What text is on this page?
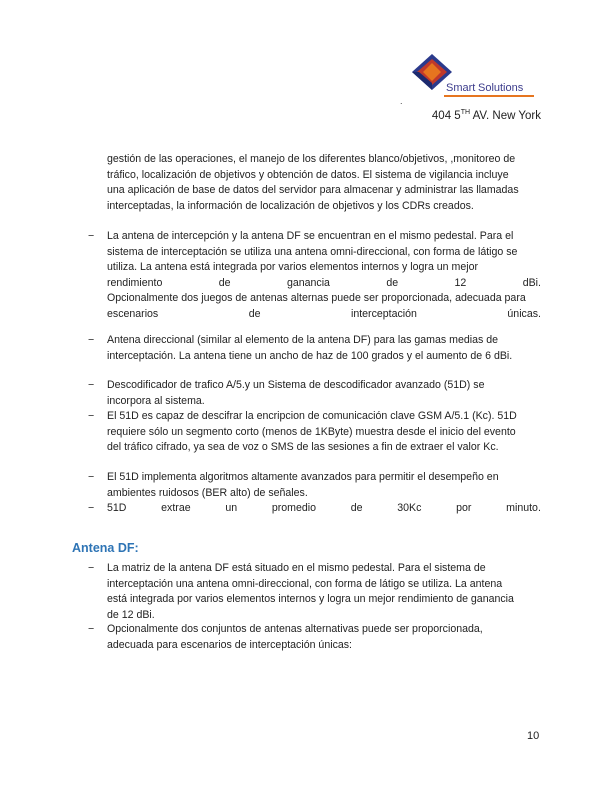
Smart Solutions
.
404 5TH AV. New York
gestión de las operaciones, el manejo de los diferentes blanco/objetivos, ,monitoreo de
tráfico, localización de objetivos y obtención de datos. El sistema de vigilancia incluye
una aplicación de base de datos del servidor para almacenar y administrar las llamadas
interceptadas, la información de localización de objetivos y los CDRs creados.
− La antena de intercepción y la antena DF se encuentran en el mismo pedestal. Para el
sistema de interceptación se utiliza una antena omni-direccional, con forma de látigo se
utiliza. La antena está integrada por varios elementos internos y logra un mejor
rendimiento	de	ganancia	de	12	dBi.
Opcionalmente dos juegos de antenas alternas puede ser proporcionada, adecuada para
escenarios	de	interceptación	únicas.
− Antena direccional (similar al elemento de la antena DF) para las gamas medias de
interceptación. La antena tiene un ancho de haz de 100 grados y el aumento de 6 dBi.
− Descodificador de trafico A/5.y un Sistema de descodificador avanzado (51D) se
incorpora al sistema.
− El 51D es capaz de descifrar la encripcion de comunicación clave GSM A/5.1 (Kc). 51D
requiere sólo un segmento corto (menos de 1KByte) muestra desde el inicio del evento
del tráfico cifrado, ya sea de voz o SMS de las sesiones a fin de extraer el valor Kc.
− El 51D implementa algoritmos altamente avanzados para permitir el desempeño en
ambientes ruidosos (BER alto) de señales.
− 51D	extrae	un	promedio	de	30Kc	por	minuto.
Antena DF:
− La matriz de la antena DF está situado en el mismo pedestal. Para el sistema de
interceptación una antena omni-direccional, con forma de látigo se utiliza. La antena
está integrada por varios elementos internos y logra un mejor rendimiento de ganancia
de 12 dBi.
− Opcionalmente dos conjuntos de antenas alternativas puede ser proporcionada,
adecuada para escenarios de interceptación únicas:
10
